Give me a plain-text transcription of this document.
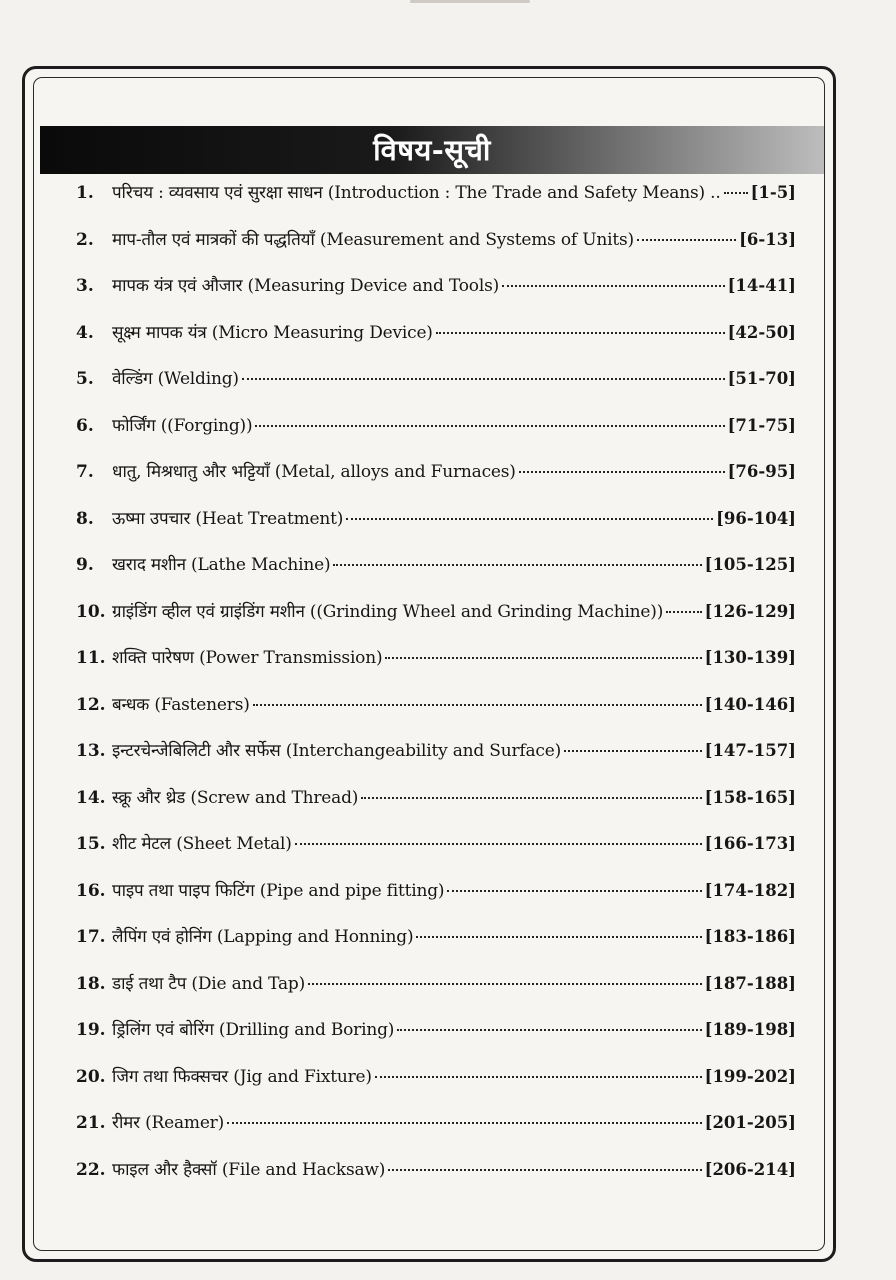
विषय-सूची
1.	परिचय : व्यवसाय एवं सुरक्षा साधन (Introduction : The Trade and Safety Means) .. [1-5]
2.	माप-तौल एवं मात्रकों की पद्धतियाँ (Measurement and Systems of Units)	[6-13]
3.	मापक यंत्र एवं औजार (Measuring Device and Tools)	[14-41]
4.	सूक्ष्म मापक यंत्र (Micro Measuring Device)	[42-50]
5.	वेल्डिंग (Welding)	[51-70]
6.	फोर्जिंग ((Forging))	[71-75]
7.	धातु, मिश्रधातु और भट्टियाँ (Metal, alloys and Furnaces)	[76-95]
8.	ऊष्मा उपचार (Heat Treatment)	[96-104]
9.	खराद मशीन (Lathe Machine)	[105-125]
10. ग्राइंडिंग व्हील एवं ग्राइंडिंग मशीन ((Grinding Wheel and Grinding Machine))	[126-129]
11. शक्ति पारेषण (Power Transmission)	[130-139]
12. बन्धक (Fasteners)	[140-146]
13. इन्टरचेन्जेबिलिटी और सर्फेस (Interchangeability and Surface)	[147-157]
14. स्क्रू और थ्रेड (Screw and Thread)	[158-165]
15. शीट मेटल (Sheet Metal)	[166-173]
16. पाइप तथा पाइप फिटिंग (Pipe and pipe fitting)	[174-182]
17. लैपिंग एवं होनिंग (Lapping and Honning)	[183-186]
18. डाई तथा टैप (Die and Tap)	[187-188]
19. ड्रिलिंग एवं बोरिंग (Drilling and Boring)	[189-198]
20. जिग तथा फिक्सचर (Jig and Fixture)	[199-202]
21. रीमर (Reamer)	[201-205]
22. फाइल और हैक्सॉ (File and Hacksaw)	[206-214]
